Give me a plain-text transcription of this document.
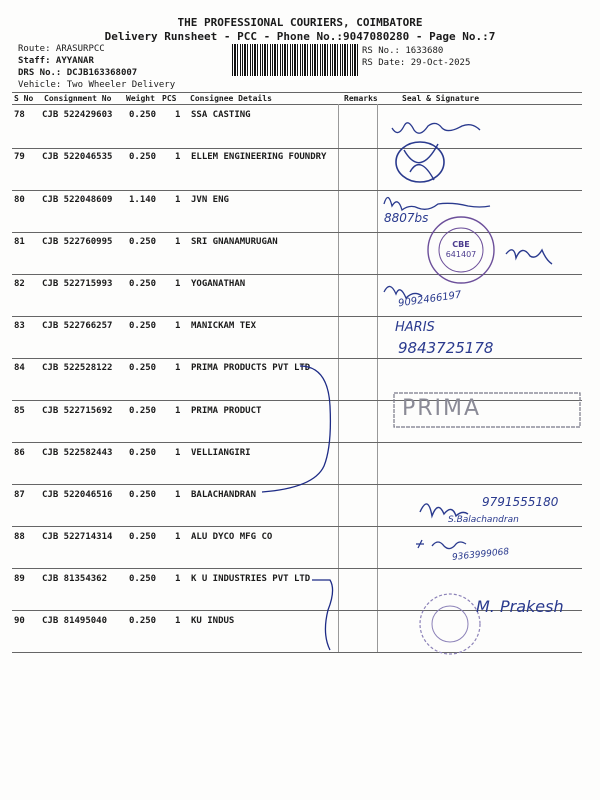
THE PROFESSIONAL COURIERS, COIMBATORE
Delivery Runsheet - PCC - Phone No.:9047080280 - Page No.:7
Route: ARASURPCC
Staff: AYYANAR
DRS No.: DCJB163368007
Vehicle: Two Wheeler Delivery
RS No.: 1633680
RS Date: 29-Oct-2025
S No Consignment No Weight PCS Consignee Details	Remarks	Seal & Signature
78 CJB 522429603 0.250 1 SSA CASTING
79 CJB 522046535 0.250 1 ELLEM ENGINEERING FOUNDRY
80 CJB 522048609 1.140 1 JVN ENG
81 CJB 522760995 0.250 1 SRI GNANAMURUGAN
82 CJB 522715993 0.250 1 YOGANATHAN
83 CJB 522766257 0.250 1 MANICKAM TEX
84 CJB 522528122 0.250 1 PRIMA PRODUCTS PVT LTD
85 CJB 522715692 0.250 1 PRIMA PRODUCT
86 CJB 522582443 0.250 1 VELLIANGIRI
87 CJB 522046516 0.250 1 BALACHANDRAN
88 CJB 522714314 0.250 1 ALU DYCO MFG CO
89 CJB 81354362 0.250 1 K U INDUSTRIES PVT LTD
90 CJB 81495040 0.250 1 KU INDUS
CBE
641407
8807bs
9092466197
HARIS
9843725178
PRIMA
9791555180
S.Balachandran
9363999068
M. Prakesh
